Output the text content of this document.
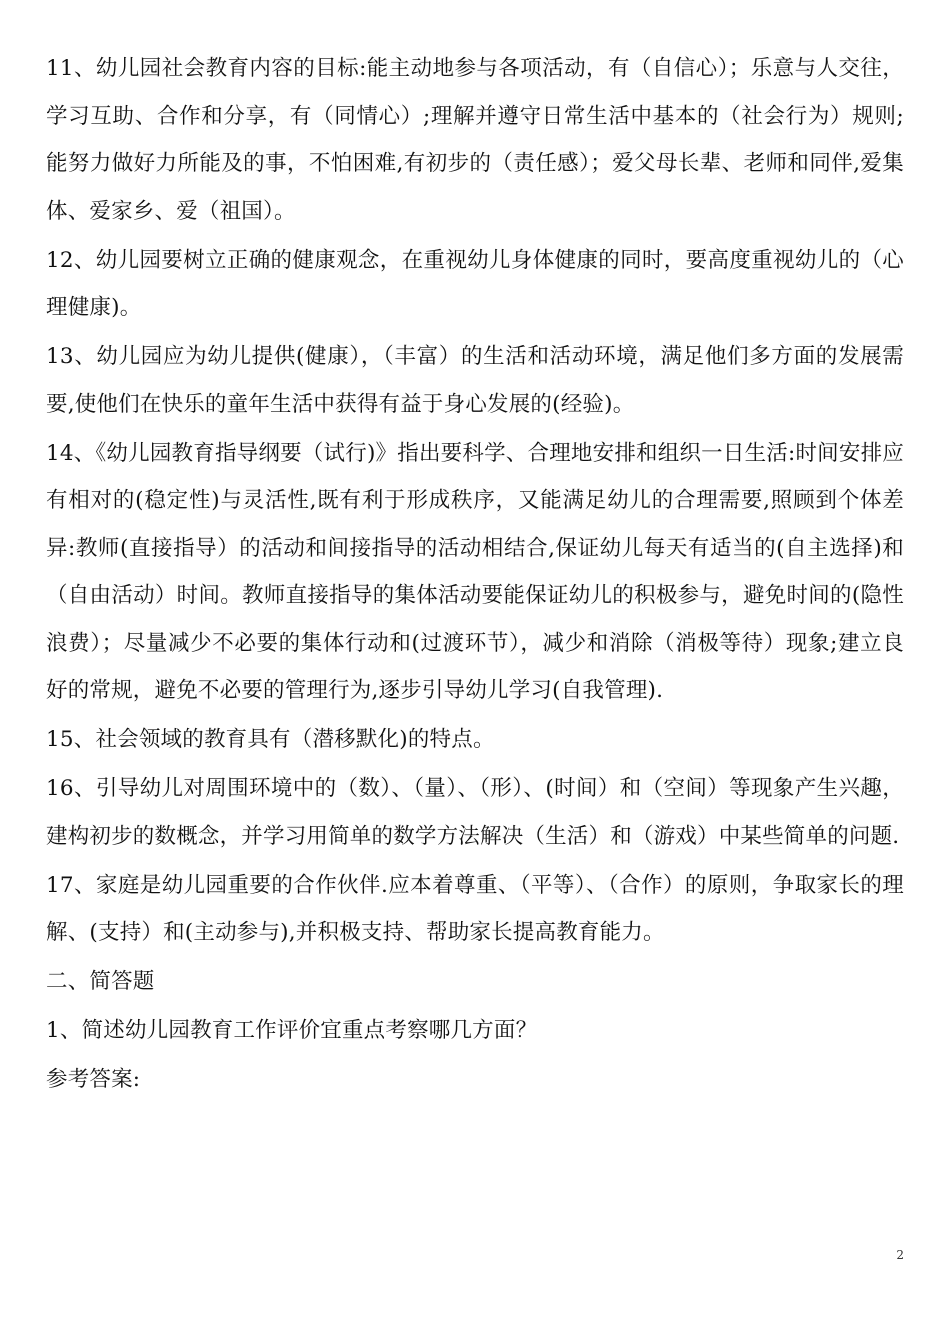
11、幼儿园社会教育内容的目标:能主动地参与各项活动，有（自信心）；乐意与人交往，学习互助、合作和分享，有（同情心）;理解并遵守日常生活中基本的（社会行为）规则;能努力做好力所能及的事，不怕困难,有初步的（责任感）；爱父母长辈、老师和同伴,爱集体、爱家乡、爱（祖国）。

12、幼儿园要树立正确的健康观念，在重视幼儿身体健康的同时，要高度重视幼儿的（心理健康)。

13、幼儿园应为幼儿提供(健康），（丰富）的生活和活动环境，满足他们多方面的发展需要,使他们在快乐的童年生活中获得有益于身心发展的(经验)。

14、《幼儿园教育指导纲要（试行)》指出要科学、合理地安排和组织一日生活:时间安排应有相对的(稳定性)与灵活性,既有利于形成秩序，又能满足幼儿的合理需要,照顾到个体差异:教师(直接指导）的活动和间接指导的活动相结合,保证幼儿每天有适当的(自主选择)和（自由活动）时间。教师直接指导的集体活动要能保证幼儿的积极参与，避免时间的(隐性浪费）；尽量减少不必要的集体行动和(过渡环节），减少和消除（消极等待）现象;建立良好的常规，避免不必要的管理行为,逐步引导幼儿学习(自我管理).

15、社会领域的教育具有（潜移默化)的特点。

16、引导幼儿对周围环境中的（数）、（量）、（形）、(时间）和（空间）等现象产生兴趣，建构初步的数概念，并学习用简单的数学方法解决（生活）和（游戏）中某些简单的问题.

17、家庭是幼儿园重要的合作伙伴.应本着尊重、（平等）、（合作）的原则，争取家长的理解、(支持）和(主动参与),并积极支持、帮助家长提高教育能力。

二、简答题

1、简述幼儿园教育工作评价宜重点考察哪几方面？

参考答案:

2
